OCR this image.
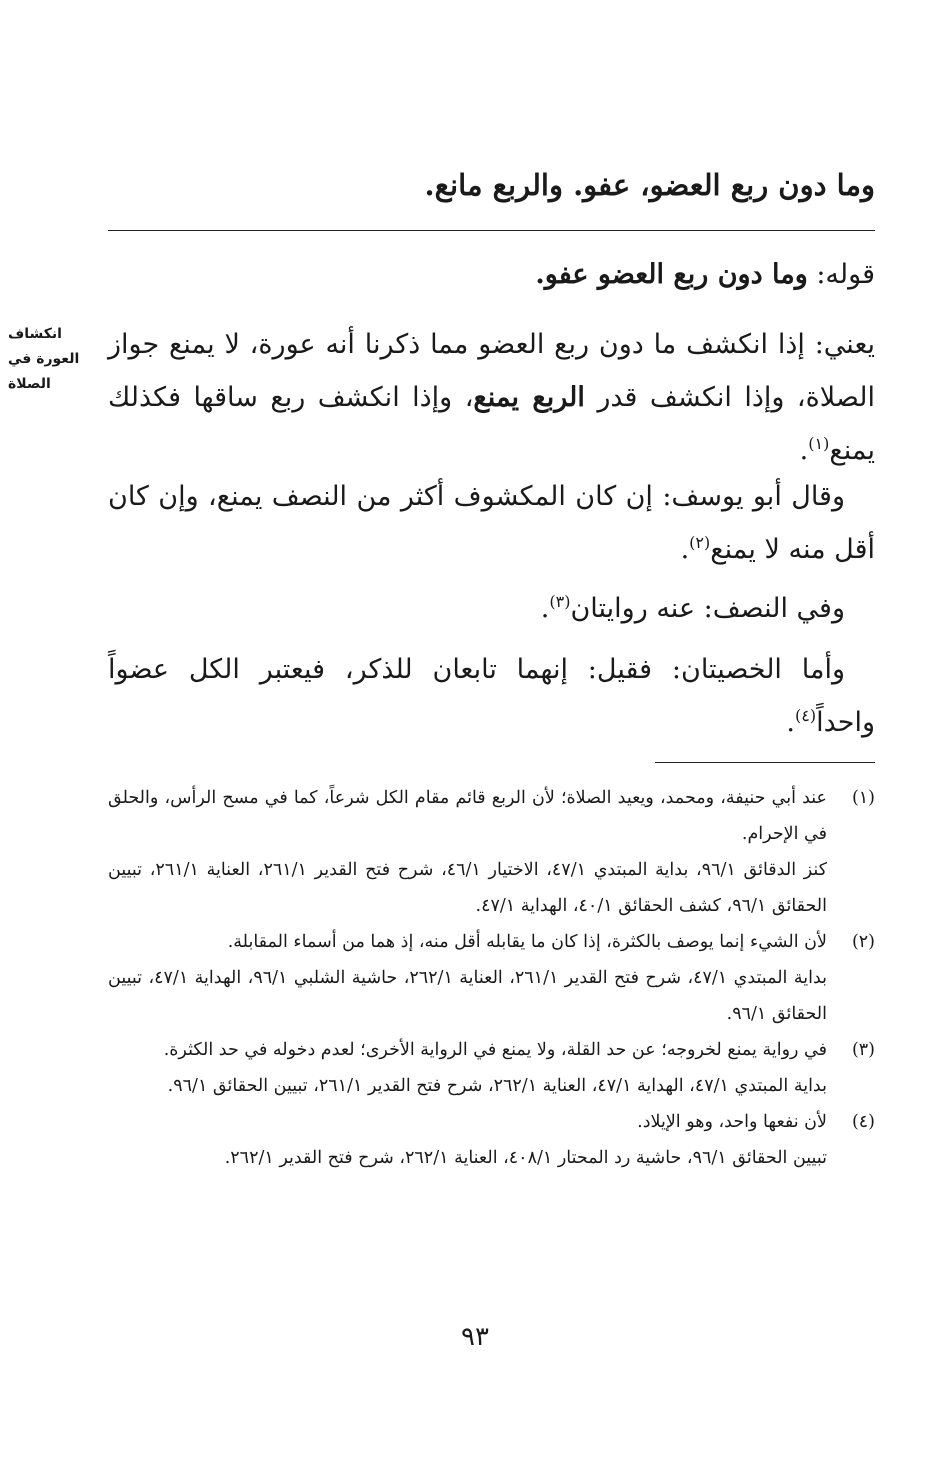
وما دون ربع العضو، عفو. والربع مانع.
قوله: وما دون ربع العضو عفو.
انكشاف
العورة في
الصلاة
يعني: إذا انكشف ما دون ربع العضو مما ذكرنا أنه عورة، لا يمنع جواز الصلاة، وإذا انكشف قدر الربع يمنع، وإذا انكشف ربع ساقها فكذلك يمنع$^{(١)}$.
وقال أبو يوسف: إن كان المكشوف أكثر من النصف يمنع، وإن كان أقل منه لا يمنع$^{(٢)}$.
وفي النصف: عنه روايتان$^{(٣)}$.
وأما الخصيتان: فقيل: إنهما تابعان للذكر، فيعتبر الكل عضواً واحداً$^{(٤)}$.
(١)
عند أبي حنيفة، ومحمد، ويعيد الصلاة؛ لأن الربع قائم مقام الكل شرعاً، كما في مسح الرأس، والحلق في الإحرام.
كنز الدقائق ٩٦/١، بداية المبتدي ٤٧/١، الاختيار ٤٦/١، شرح فتح القدير ٢٦١/١، العناية ٢٦١/١، تبيين الحقائق ٩٦/١، كشف الحقائق ٤٠/١، الهداية ٤٧/١.
(٢)
لأن الشيء إنما يوصف بالكثرة، إذا كان ما يقابله أقل منه، إذ هما من أسماء المقابلة.
بداية المبتدي ٤٧/١، شرح فتح القدير ٢٦١/١، العناية ٢٦٢/١، حاشية الشلبي ٩٦/١، الهداية ٤٧/١، تبيين الحقائق ٩٦/١.
(٣)
في رواية يمنع لخروجه؛ عن حد القلة، ولا يمنع في الرواية الأخرى؛ لعدم دخوله في حد الكثرة.
بداية المبتدي ٤٧/١، الهداية ٤٧/١، العناية ٢٦٢/١، شرح فتح القدير ٢٦١/١، تبيين الحقائق ٩٦/١.
(٤)
لأن نفعها واحد، وهو الإيلاد.
تبيين الحقائق ٩٦/١، حاشية رد المحتار ٤٠٨/١، العناية ٢٦٢/١، شرح فتح القدير ٢٦٢/١.
٩٣
